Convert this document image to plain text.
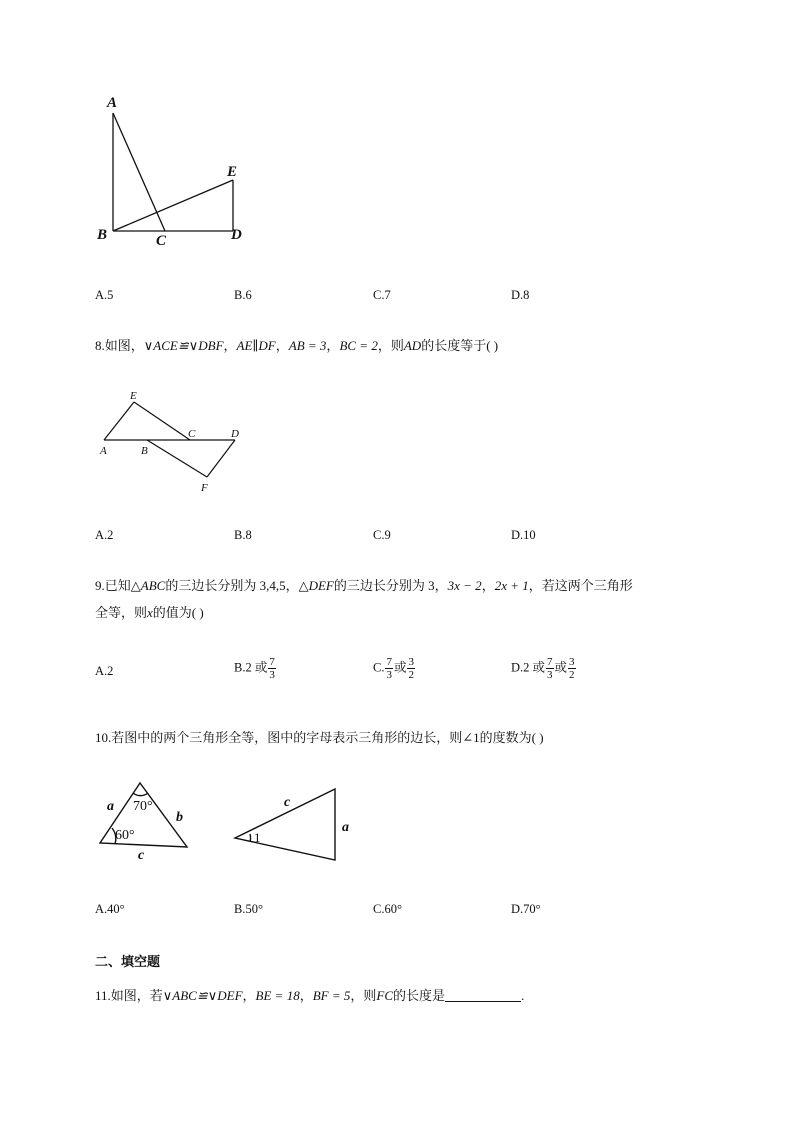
A
B	C	D
E
A.5	B.6	C.7	D.8
8.如图，∨ACE≌∨DBF，AE∥DF，AB = 3，BC = 2，则AD的长度等于( )
E
C	D
A	B
F
A.2	B.8	C.9	D.10
9.已知△ABC的三边长分别为 3,4,5，△DEF的三边长分别为 3，3x − 2，2x + 1，若这两个三角形
全等，则x的值为( )
A.2	B.2 或 $\frac{7}{3}$	C. $\frac{7}{3}$ 或 $\frac{3}{2}$	D.2 或 $\frac{7}{3}$ 或 $\frac{3}{2}$
10.若图中的两个三角形全等，图中的字母表示三角形的边长，则∠1的度数为( )
a
b
c
c
a
70°
60°	1
A.40°	B.50°	C.60°	D.70°
二、填空题
11.如图，若∨ABC≌∨DEF，BE = 18，BF = 5，则FC的长度是	.
